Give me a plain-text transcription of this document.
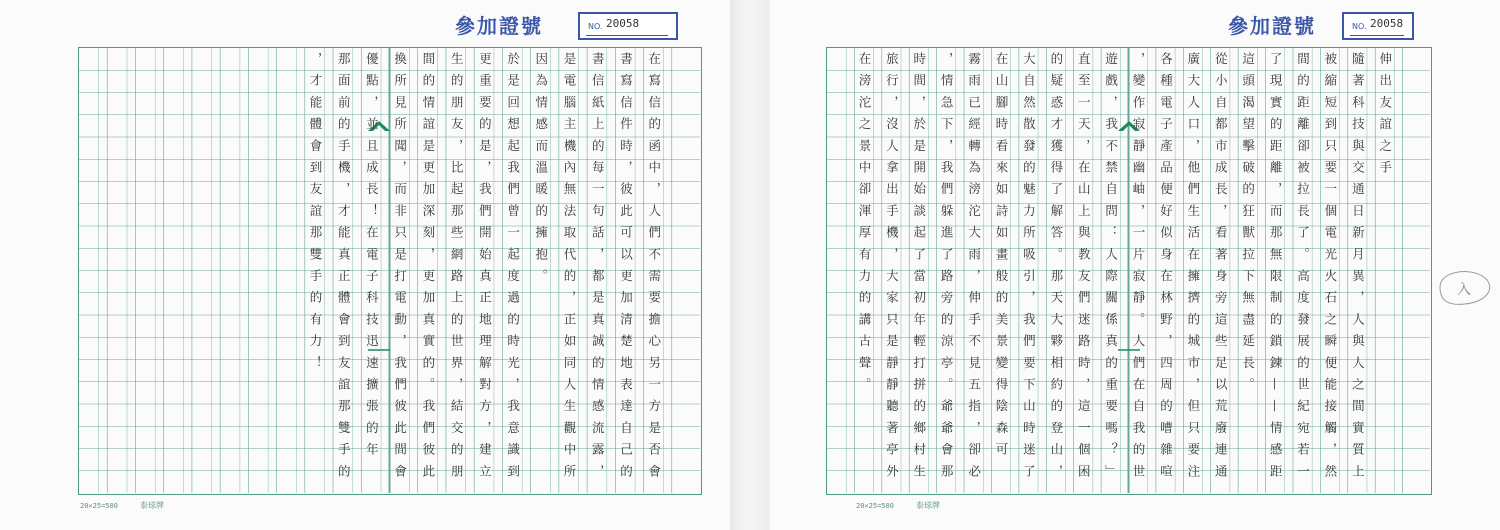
參加證號	NO. 20058
20×25=500	泰球牌
參加證號	NO. 20058
20×25=500	泰球牌
入
在寫信的函中，人們不需要擔心另一方是否會
書寫信件時，彼此可以更加清楚地表達自己的
書信紙上的每一句話，都是真誠的情感流露，
是電腦主機內無法取代的，正如同人生觀中所
因為情感而溫暖的擁抱。
於是回想起我們曾一起度過的時光，我意識到
更重要的是，我們開始真正地理解對方，建立
生的朋友，比起那些網路上的世界，結交的朋
間的情誼是更加深刻，更加真實的。我們彼此
換所見所聞，而非只是打電動，我們彼此間會
優點，並且成長！在電子科技迅速擴張的年
那面前的手機，才能真正體會到友誼那雙手的
，才能體會到友誼那雙手的有力！	伸出友誼之手
隨著科技與交通日新月異，人與人之間實質上
被縮短到只要一個電光火石之瞬便能接觸，然
間的距離卻被拉長了。高度發展的世紀宛若一
了現實的距離，而那無限制的鎖鍊——情感距
這頭渴望擊破的狂獸拉下無盡延長。
從小自都市成長，看著身旁這些足以荒廢連通
廣大人口，他們生活在擁擠的城市，但只要注
各種電子產品便好似身在林野，四周的嘈雜喧
，變作寂靜幽岫，一片寂靜。人們在自我的世
遊戲，我不禁自問：人際關係真的重要嗎？」
直至一天，在山上與教友們迷路時，這一個困
的疑惑才獲得了解答。那天大夥相約的登山，
大自然散發的魅力所吸引，我們要下山時迷了
在山腳時看來如詩如畫般的美景變得陰森可
霧雨已經轉為滂沱大雨，伸手不見五指，卻必
，情急下，我們躲進了路旁的涼亭。爺爺會那
時間，於是開始談起了當初年輕打拼的鄉村生
旅行，沒人拿出手機，大家只是靜靜聽著亭外
在滂沱之景中卻渾厚有力的講古聲。
